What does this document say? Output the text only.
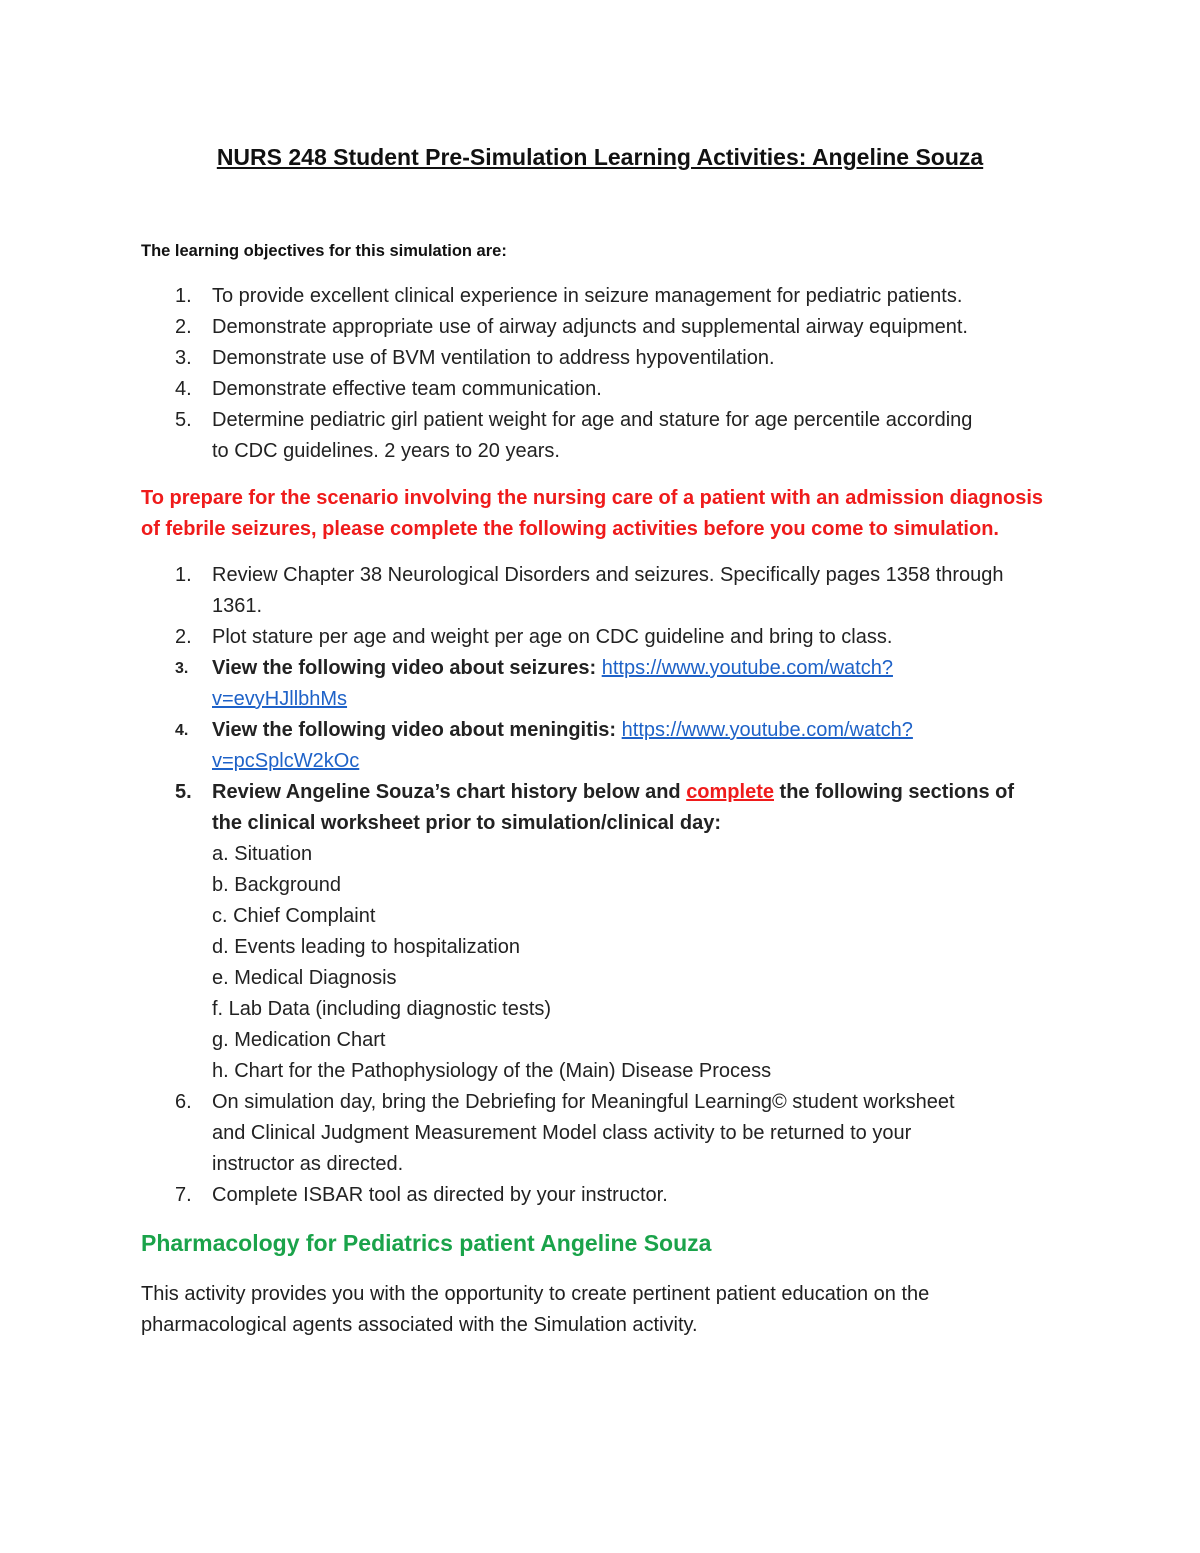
NURS 248 Student Pre-Simulation Learning Activities: Angeline Souza

The learning objectives for this simulation are:

1. To provide excellent clinical experience in seizure management for pediatric patients.
2. Demonstrate appropriate use of airway adjuncts and supplemental airway equipment.
3. Demonstrate use of BVM ventilation to address hypoventilation.
4. Demonstrate effective team communication.
5. Determine pediatric girl patient weight for age and stature for age percentile according
to CDC guidelines. 2 years to 20 years.

To prepare for the scenario involving the nursing care of a patient with an admission diagnosis
of febrile seizures, please complete the following activities before you come to simulation.

1. Review Chapter 38 Neurological Disorders and seizures. Specifically pages 1358 through
1361.
2. Plot stature per age and weight per age on CDC guideline and bring to class.
3. View the following video about seizures: https://www.youtube.com/watch?
v=evyHJllbhMs
4. View the following video about meningitis: https://www.youtube.com/watch?
v=pcSplcW2kOc
5. Review Angeline Souza’s chart history below and complete the following sections of
the clinical worksheet prior to simulation/clinical day:
a. Situation
b. Background
c. Chief Complaint
d. Events leading to hospitalization
e. Medical Diagnosis
f. Lab Data (including diagnostic tests)
g. Medication Chart
h. Chart for the Pathophysiology of the (Main) Disease Process
6. On simulation day, bring the Debriefing for Meaningful Learning© student worksheet
and Clinical Judgment Measurement Model class activity to be returned to your
instructor as directed.
7. Complete ISBAR tool as directed by your instructor.
Pharmacology for Pediatrics patient Angeline Souza

This activity provides you with the opportunity to create pertinent patient education on the
pharmacological agents associated with the Simulation activity.
